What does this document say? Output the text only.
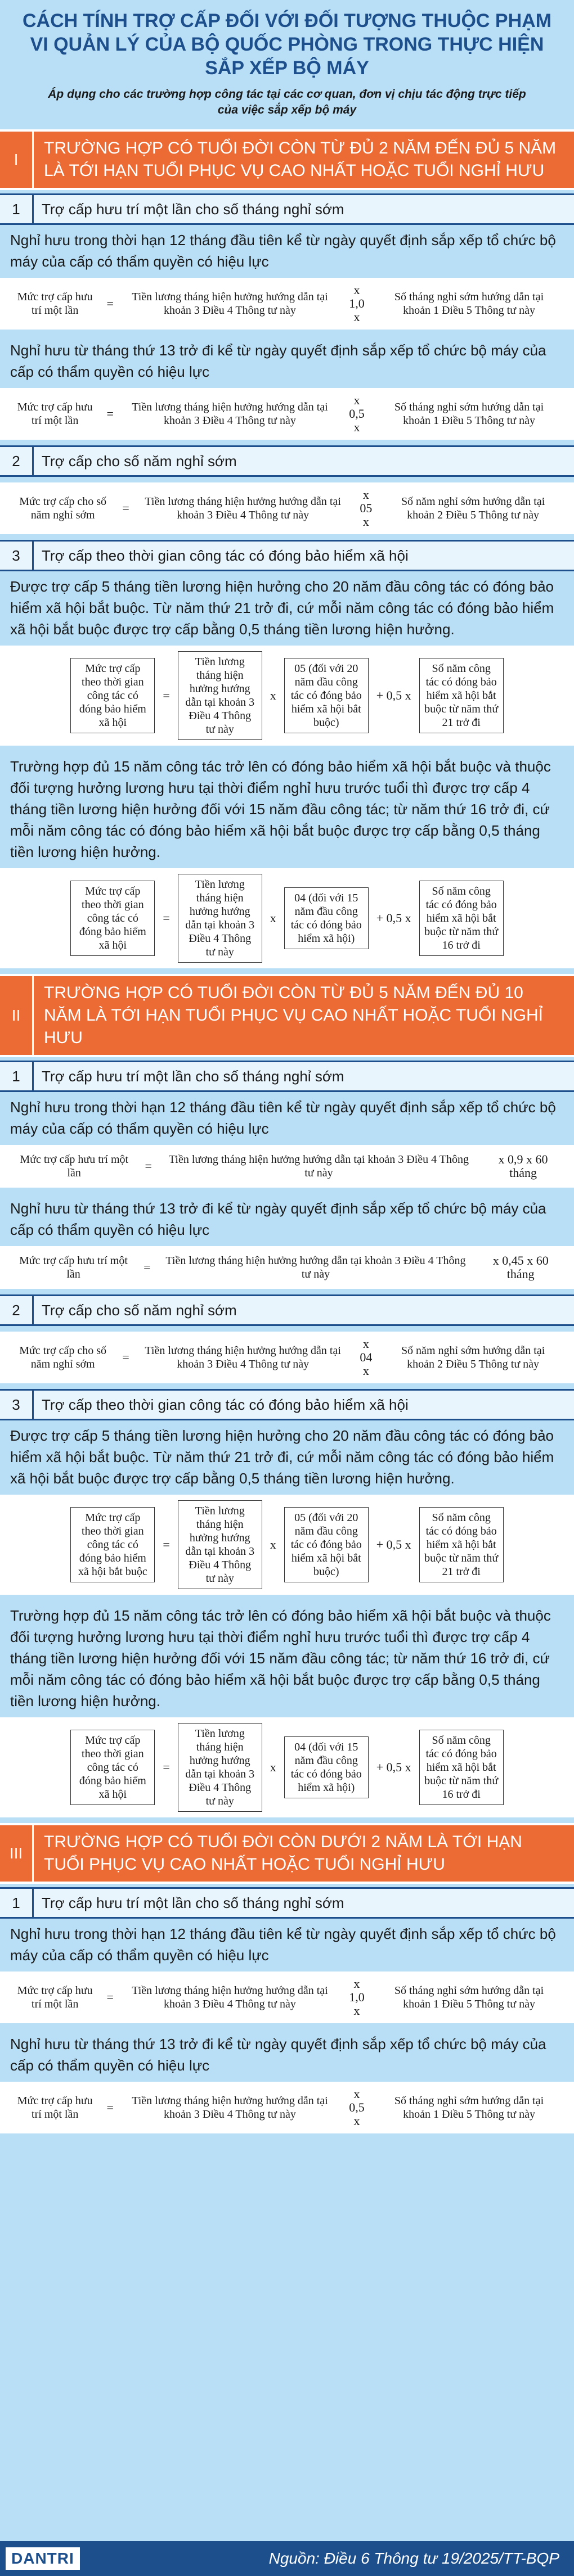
CÁCH TÍNH TRỢ CẤP ĐỐI VỚI ĐỐI TƯỢNG THUỘC PHẠM VI QUẢN LÝ CỦA BỘ QUỐC PHÒNG TRONG THỰC HIỆN SẮP XẾP BỘ MÁY
Áp dụng cho các trường hợp công tác tại các cơ quan, đơn vị chịu tác động trực tiếp của việc sắp xếp bộ máy
I
TRƯỜNG HỢP CÓ TUỔI ĐỜI CÒN TỪ ĐỦ 2 NĂM ĐẾN ĐỦ 5 NĂM LÀ TỚI HẠN TUỔI PHỤC VỤ CAO NHẤT HOẶC TUỔI NGHỈ HƯU
1	Trợ cấp hưu trí một lần cho số tháng nghỉ sớm
Nghỉ hưu trong thời hạn 12 tháng đầu tiên kể từ ngày quyết định sắp xếp tổ chức bộ máy của cấp có thẩm quyền có hiệu lực
Mức trợ cấp hưu trí một lần	=	Tiền lương tháng hiện hưởng hướng dẫn tại khoản 3 Điều 4 Thông tư này
x 1,0 x
Số tháng nghỉ sớm hướng dẫn tại khoản 1 Điều 5 Thông tư này
Nghỉ hưu từ tháng thứ 13 trở đi kể từ ngày quyết định sắp xếp tổ chức bộ máy của cấp có thẩm quyền có hiệu lực
Mức trợ cấp hưu trí một lần	=	Tiền lương tháng hiện hưởng hướng dẫn tại khoản 3 Điều 4 Thông tư này
x 0,5 x
Số tháng nghỉ sớm hướng dẫn tại khoản 1 Điều 5 Thông tư này
2	Trợ cấp cho số năm nghỉ sớm
Mức trợ cấp cho số năm nghỉ sớm	=	Tiền lương tháng hiện hưởng hướng dẫn tại khoản 3 Điều 4 Thông tư này
x 05 x
Số năm nghỉ sớm hướng dẫn tại khoản 2 Điều 5 Thông tư này
3	Trợ cấp theo thời gian công tác có đóng bảo hiểm xã hội
Được trợ cấp 5 tháng tiền lương hiện hưởng cho 20 năm đầu công tác có đóng bảo hiểm xã hội bắt buộc. Từ năm thứ 21 trở đi, cứ mỗi năm công tác có đóng bảo hiểm xã hội bắt buộc được trợ cấp bằng 0,5 tháng tiền lương hiện hưởng.
Mức trợ cấp theo thời gian công tác có đóng bảo hiểm xã hội
=
Tiền lương tháng hiện hưởng hướng dẫn tại khoản 3 Điều 4 Thông tư này
x
05 (đối với 20 năm đầu công tác có đóng bảo hiểm xã hội bắt buộc)
+ 0,5 x
Số năm công tác có đóng bảo hiểm xã hội bắt buộc từ năm thứ 21 trở đi
Trường hợp đủ 15 năm công tác trở lên có đóng bảo hiểm xã hội bắt buộc và thuộc đối tượng hưởng lương hưu tại thời điểm nghỉ hưu trước tuổi thì được trợ cấp 4 tháng tiền lương hiện hưởng đối với 15 năm đầu công tác; từ năm thứ 16 trở đi, cứ mỗi năm công tác có đóng bảo hiểm xã hội bắt buộc được trợ cấp bằng 0,5 tháng tiền lương hiện hưởng.
Mức trợ cấp theo thời gian công tác có đóng bảo hiểm xã hội
=
Tiền lương tháng hiện hưởng hướng dẫn tại khoản 3 Điều 4 Thông tư này
x
04 (đối với 15 năm đầu công tác có đóng bảo hiểm xã hội)
+ 0,5 x
Số năm công tác có đóng bảo hiểm xã hội bắt buộc từ năm thứ 16 trở đi
II
TRƯỜNG HỢP CÓ TUỔI ĐỜI CÒN TỪ ĐỦ 5 NĂM ĐẾN ĐỦ 10 NĂM LÀ TỚI HẠN TUỔI PHỤC VỤ CAO NHẤT HOẶC TUỔI NGHỈ HƯU
1	Trợ cấp hưu trí một lần cho số tháng nghỉ sớm
Nghỉ hưu trong thời hạn 12 tháng đầu tiên kể từ ngày quyết định sắp xếp tổ chức bộ máy của cấp có thẩm quyền có hiệu lực
Mức trợ cấp hưu trí một lần	=	Tiền lương tháng hiện hưởng hướng dẫn tại khoản 3 Điều 4 Thông tư này
x 0,9 x 60 tháng
Nghỉ hưu từ tháng thứ 13 trở đi kể từ ngày quyết định sắp xếp tổ chức bộ máy của cấp có thẩm quyền có hiệu lực
Mức trợ cấp hưu trí một lần	=	Tiền lương tháng hiện hưởng hướng dẫn tại khoản 3 Điều 4 Thông tư này
x 0,45 x 60 tháng
2	Trợ cấp cho số năm nghỉ sớm
Mức trợ cấp cho số năm nghỉ sớm	=	Tiền lương tháng hiện hưởng hướng dẫn tại khoản 3 Điều 4 Thông tư này
x 04 x
Số năm nghỉ sớm hướng dẫn tại khoản 2 Điều 5 Thông tư này
3	Trợ cấp theo thời gian công tác có đóng bảo hiểm xã hội
Được trợ cấp 5 tháng tiền lương hiện hưởng cho 20 năm đầu công tác có đóng bảo hiểm xã hội bắt buộc. Từ năm thứ 21 trở đi, cứ mỗi năm công tác có đóng bảo hiểm xã hội bắt buộc được trợ cấp bằng 0,5 tháng tiền lương hiện hưởng.
Mức trợ cấp theo thời gian công tác có đóng bảo hiểm xã hội bắt buộc
=
Tiền lương tháng hiện hưởng hướng dẫn tại khoản 3 Điều 4 Thông tư này
x
05 (đối với 20 năm đầu công tác có đóng bảo hiểm xã hội bắt buộc)
+ 0,5 x
Số năm công tác có đóng bảo hiểm xã hội bắt buộc từ năm thứ 21 trở đi
Trường hợp đủ 15 năm công tác trở lên có đóng bảo hiểm xã hội bắt buộc và thuộc đối tượng hưởng lương hưu tại thời điểm nghỉ hưu trước tuổi thì được trợ cấp 4 tháng tiền lương hiện hưởng đối với 15 năm đầu công tác; từ năm thứ 16 trở đi, cứ mỗi năm công tác có đóng bảo hiểm xã hội bắt buộc được trợ cấp bằng 0,5 tháng tiền lương hiện hưởng.
Mức trợ cấp theo thời gian công tác có đóng bảo hiểm xã hội
=
Tiền lương tháng hiện hưởng hướng dẫn tại khoản 3 Điều 4 Thông tư này
x
04 (đối với 15 năm đầu công tác có đóng bảo hiểm xã hội)
+ 0,5 x
Số năm công tác có đóng bảo hiểm xã hội bắt buộc từ năm thứ 16 trở đi
III
TRƯỜNG HỢP CÓ TUỔI ĐỜI CÒN DƯỚI 2 NĂM LÀ TỚI HẠN TUỔI PHỤC VỤ CAO NHẤT HOẶC TUỔI NGHỈ HƯU
1	Trợ cấp hưu trí một lần cho số tháng nghỉ sớm
Nghỉ hưu trong thời hạn 12 tháng đầu tiên kể từ ngày quyết định sắp xếp tổ chức bộ máy của cấp có thẩm quyền có hiệu lực
Mức trợ cấp hưu trí một lần	=	Tiền lương tháng hiện hưởng hướng dẫn tại khoản 3 Điều 4 Thông tư này
x 1,0 x
Số tháng nghỉ sớm hướng dẫn tại khoản 1 Điều 5 Thông tư này
Nghỉ hưu từ tháng thứ 13 trở đi kể từ ngày quyết định sắp xếp tổ chức bộ máy của cấp có thẩm quyền có hiệu lực
Mức trợ cấp hưu trí một lần	=	Tiền lương tháng hiện hưởng hướng dẫn tại khoản 3 Điều 4 Thông tư này
x 0,5 x
Số tháng nghỉ sớm hướng dẫn tại khoản 1 Điều 5 Thông tư này
DANTRI	Nguồn: Điều 6 Thông tư 19/2025/TT-BQP
